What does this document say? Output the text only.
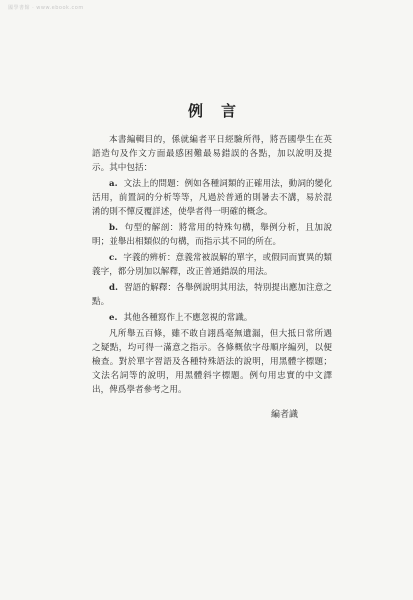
國學書館 · www.ebook.com
例言

本書編輯目的，係就編者平日經驗所得，將吾國學生在英語造句及作文方面最感困難最易錯誤的各點，加以說明及提示。其中包括：

a. 文法上的問題：例如各種詞類的正確用法，動詞的變化活用，前置詞的分析等等，凡過於普通的則暑去不講，易於混淆的則不憚反覆詳述，使學者得一明確的概念。

b. 句型的解剖：將常用的特殊句構，舉例分析，且加說明；並舉出相類似的句構，而指示其不同的所在。

c. 字義的辨析：意義常被誤解的單字，或假同而實異的類義字，都分別加以解釋，改正普通錯誤的用法。

d. 習語的解釋：各舉例說明其用法，特別提出應加注意之點。

e. 其他各種寫作上不應忽視的常識。

凡所舉五百條，雖不敢自詡爲毫無遺漏，但大抵日常所遇之疑點，均可得一滿意之指示。各條概依字母順序編列，以便檢查。對於單字習語及各種特殊語法的說明，用黑體字標題；文法名詞等的說明，用黑體斜字標題。例句用忠實的中文譯出，俾爲學者參考之用。

編者識
